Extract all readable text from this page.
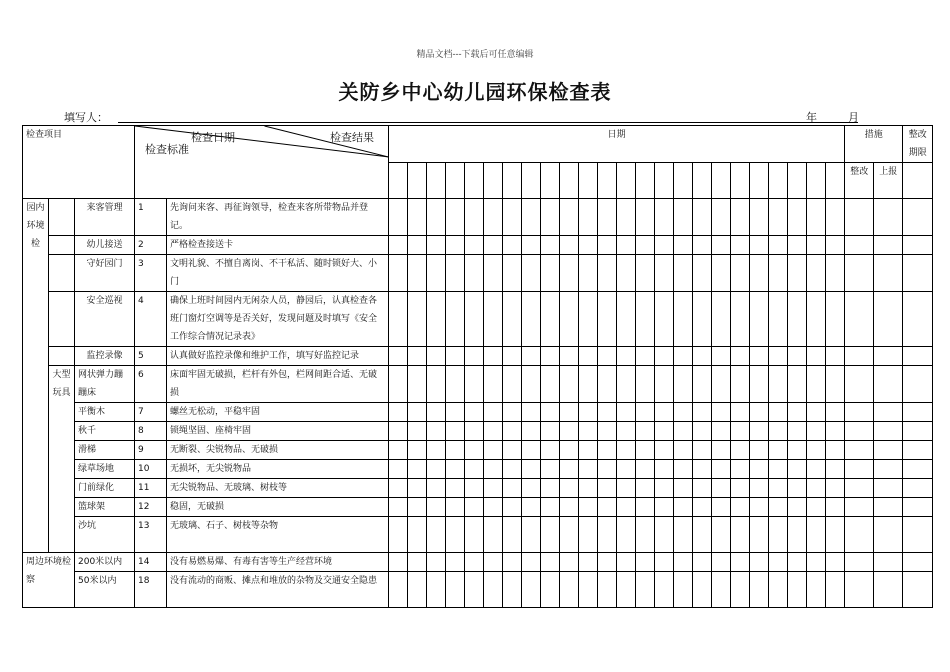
精品文档---下载后可任意编辑
关防乡中心幼儿园环保检查表
填写人：	年	月
检查项目			检查日期 检查结果
检查标准		日期																								措施		整改期限
																													整改	上报	
园内环境检		来客管理	1	先询问来客、再征询领导，检查来客所带物品并登记。																											
		幼儿接送	2	严格检查接送卡																											
		守好园门	3	文明礼貌、不擅自离岗、不干私活、随时锁好大、小门																											
		安全巡视	4	确保上班时间园内无闲杂人员，静园后，认真检查各班门窗灯空调等是否关好，发现问题及时填写《安全工作综合情况记录表》																											
		监控录像	5	认真做好监控录像和维护工作，填写好监控记录																											
	大型玩具	网状弹力蹦蹦床	6	床面牢固无破损，栏杆有外包，栏网间距合适、无破损																											
		平衡木	7	螺丝无松动，平稳牢固																											
		秋千	8	锁绳坚固、座椅牢固																											
		滑梯	9	无断裂、尖锐物品、无破损																											
		绿草场地	10	无损坏，无尖锐物品																											
		门前绿化	11	无尖锐物品、无玻璃、树枝等																											
		篮球架	12	稳固，无破损																											
		沙坑	13	无玻璃、石子、树枝等杂物																											
周边环境检察		200米以内	14	没有易燃易爆、有毒有害等生产经营环境																											
		50米以内	18	没有流动的商贩、摊点和堆放的杂物及交通安全隐患																											
